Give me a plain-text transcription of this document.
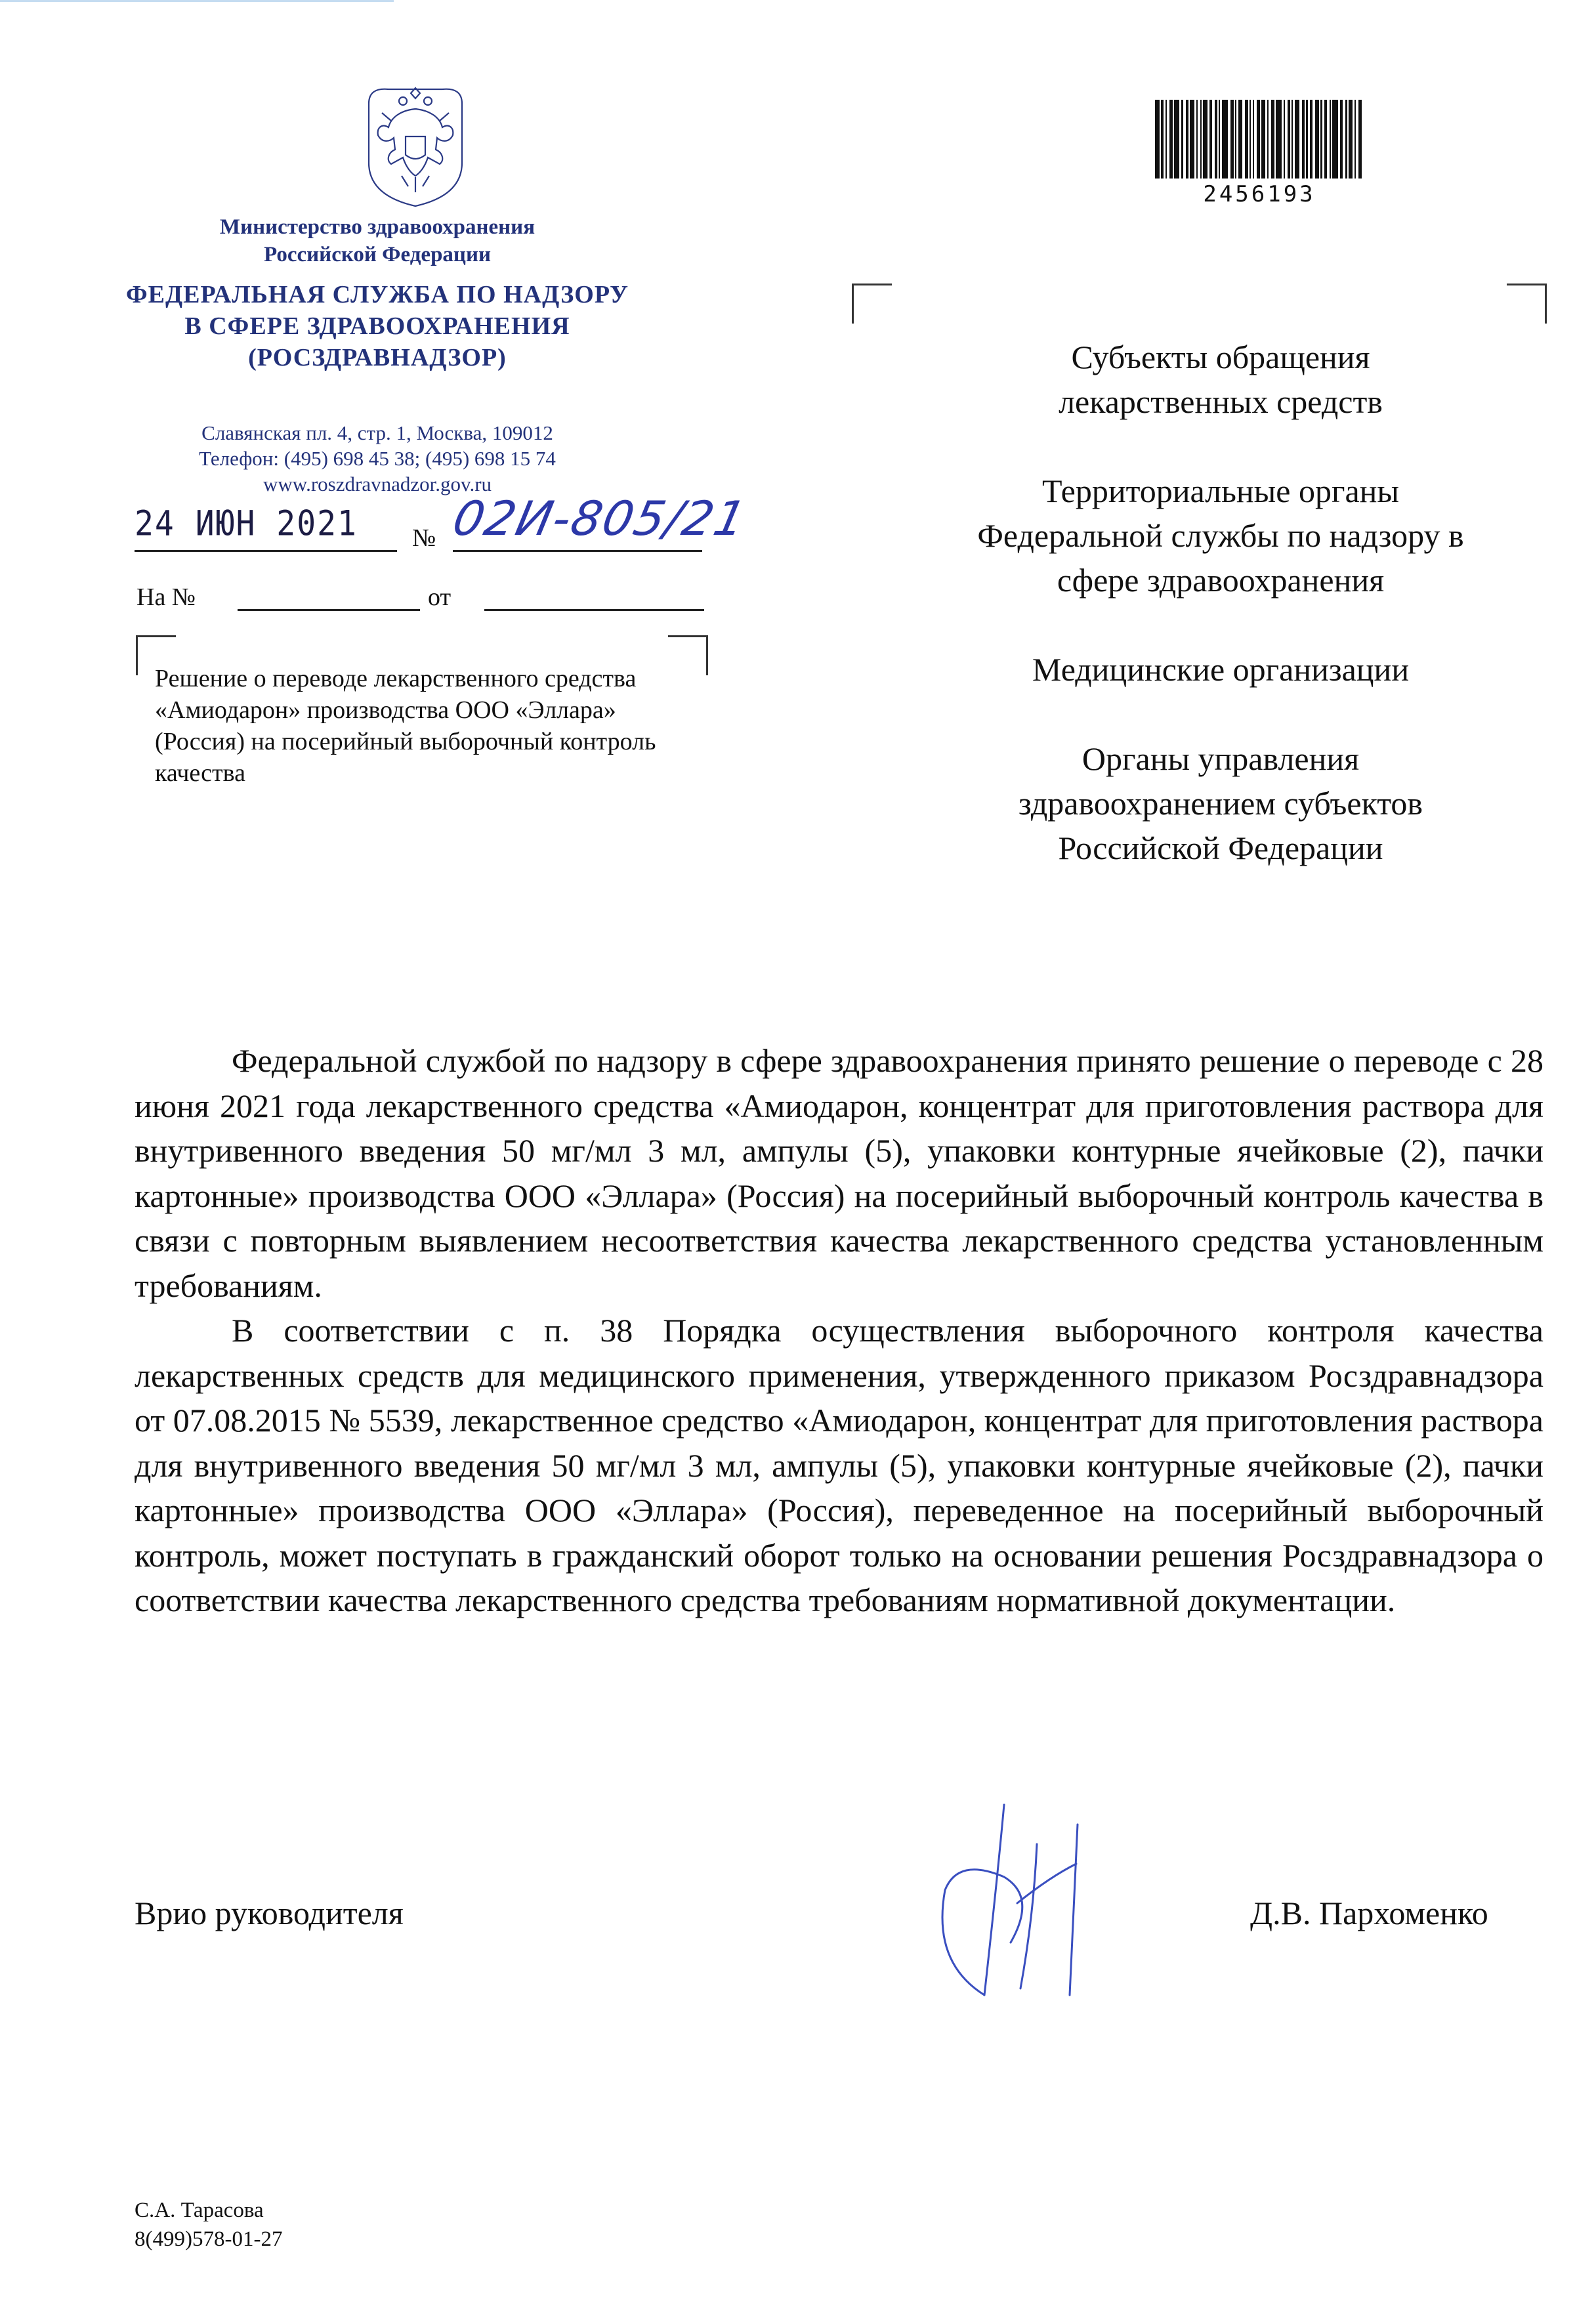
Министерство здравоохранения
Российской Федерации
ФЕДЕРАЛЬНАЯ СЛУЖБА ПО НАДЗОРУ
В СФЕРЕ ЗДРАВООХРАНЕНИЯ
(РОСЗДРАВНАДЗОР)
Славянская пл. 4, стр. 1, Москва, 109012
Телефон: (495) 698 45 38; (495) 698 15 74
www.roszdravnadzor.gov.ru
24 ИЮН 2021 № 02И-805/21
На №	от
Решение о переводе лекарственного средства «Амиодарон» производства ООО «Эллара» (Россия) на посерийный выборочный контроль качества
2456193
Субъекты обращения
лекарственных средств
Территориальные органы
Федеральной службы по надзору в
сфере здравоохранения
Медицинские организации
Органы управления
здравоохранением субъектов
Российской Федерации

Федеральной службой по надзору в сфере здравоохранения принято решение о переводе с 28 июня 2021 года лекарственного средства «Амиодарон, концентрат для приготовления раствора для внутривенного введения 50 мг/мл 3 мл, ампулы (5), упаковки контурные ячейковые (2), пачки картонные» производства ООО «Эллара» (Россия) на посерийный выборочный контроль качества в связи с повторным выявлением несоответствия качества лекарственного средства установленным требованиям.

В соответствии с п. 38 Порядка осуществления выборочного контроля качества лекарственных средств для медицинского применения, утвержденного приказом Росздравнадзора от 07.08.2015 № 5539, лекарственное средство «Амиодарон, концентрат для приготовления раствора для внутривенного введения 50 мг/мл 3 мл, ампулы (5), упаковки контурные ячейковые (2), пачки картонные» производства ООО «Эллара» (Россия), переведенное на посерийный выборочный контроль, может поступать в гражданский оборот только на основании решения Росздравнадзора о соответствии качества лекарственного средства требованиям нормативной документации.

Врио руководителя	Д.В. Пархоменко
С.А. Тарасова
8(499)578-01-27
